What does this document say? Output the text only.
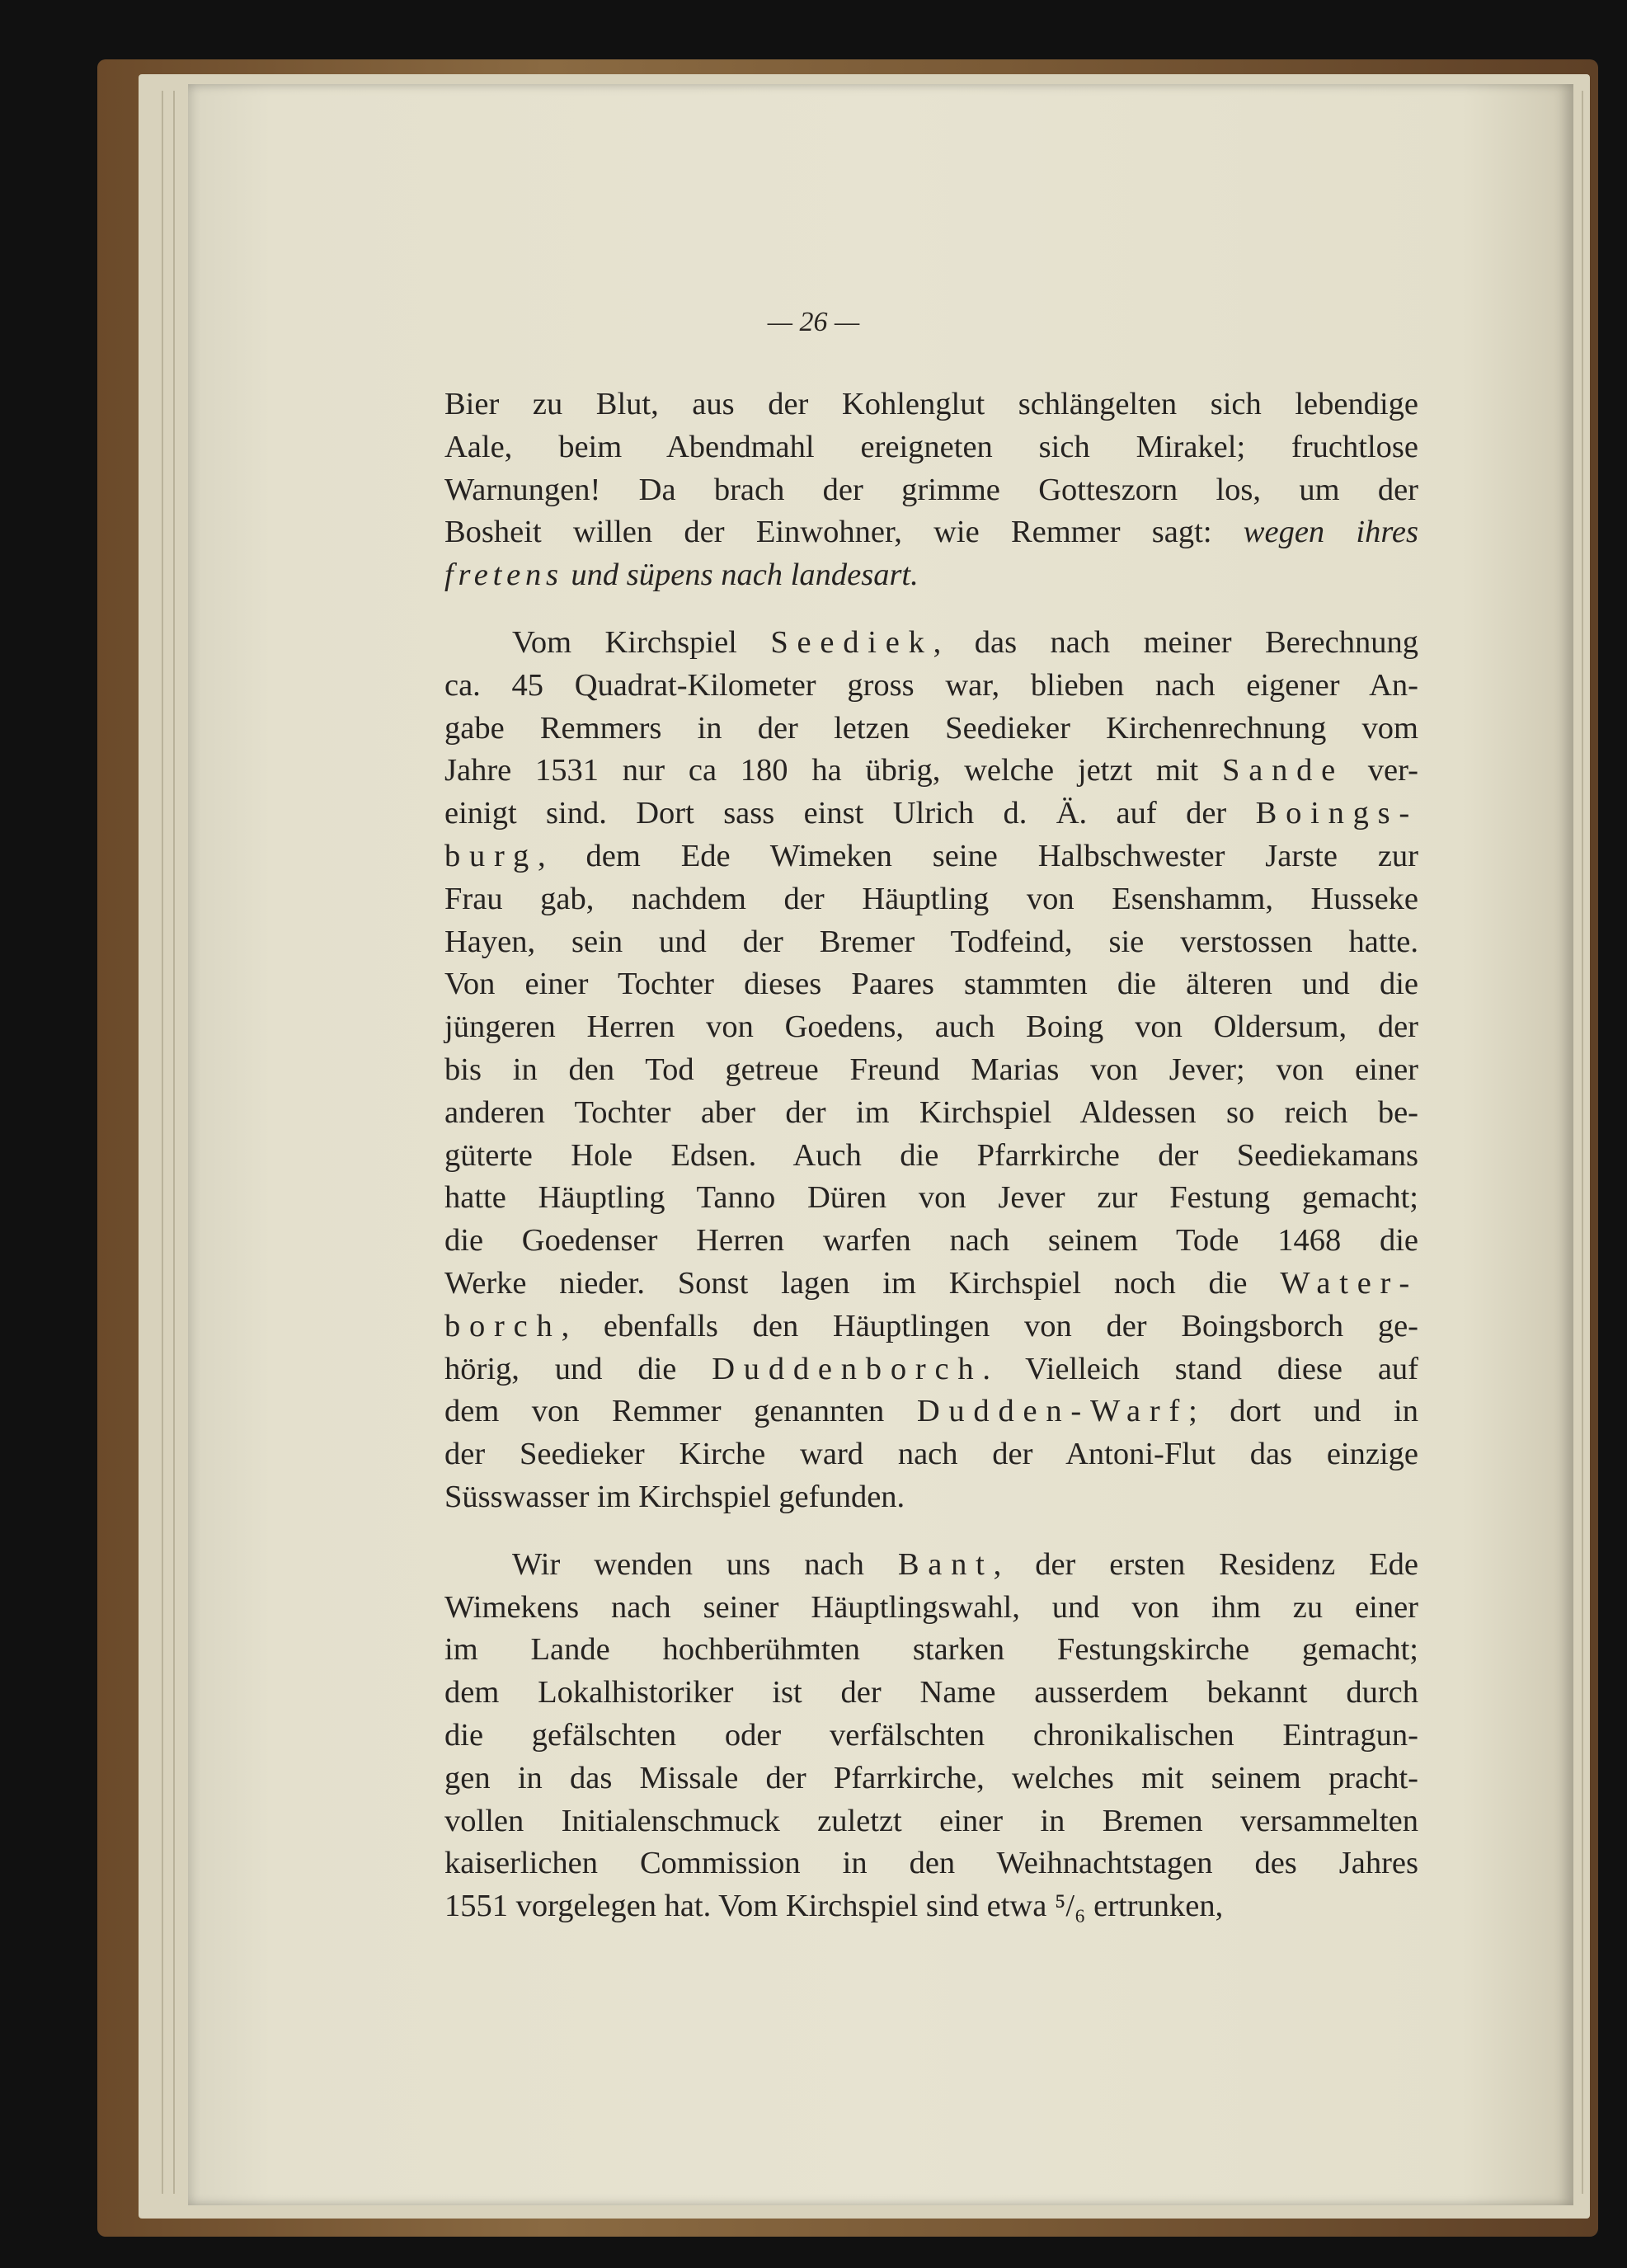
— 26 —
Bier zu Blut, aus der Kohlenglut schlängelten sich lebendige
Aale, beim Abendmahl ereigneten sich Mirakel; fruchtlose
Warnungen! Da brach der grimme Gotteszorn los, um der
Bosheit willen der Einwohner, wie Remmer sagt: wegen ihres
fretens und süpens nach landesart.
Vom Kirchspiel Seediek, das nach meiner Berechnung
ca. 45 Quadrat-Kilometer gross war, blieben nach eigener An-
gabe Remmers in der letzen Seedieker Kirchenrechnung vom
Jahre 1531 nur ca 180 ha übrig, welche jetzt mit Sande ver-
einigt sind. Dort sass einst Ulrich d. Ä. auf der Boings-
burg, dem Ede Wimeken seine Halbschwester Jarste zur
Frau gab, nachdem der Häuptling von Esenshamm, Husseke
Hayen, sein und der Bremer Todfeind, sie verstossen hatte.
Von einer Tochter dieses Paares stammten die älteren und die
jüngeren Herren von Goedens, auch Boing von Oldersum, der
bis in den Tod getreue Freund Marias von Jever; von einer
anderen Tochter aber der im Kirchspiel Aldessen so reich be-
güterte Hole Edsen. Auch die Pfarrkirche der Seediekamans
hatte Häuptling Tanno Düren von Jever zur Festung gemacht;
die Goedenser Herren warfen nach seinem Tode 1468 die
Werke nieder. Sonst lagen im Kirchspiel noch die Water-
borch, ebenfalls den Häuptlingen von der Boingsborch ge-
hörig, und die Duddenborch. Vielleich stand diese auf
dem von Remmer genannten Dudden-Warf; dort und in
der Seedieker Kirche ward nach der Antoni-Flut das einzige
Süsswasser im Kirchspiel gefunden.
Wir wenden uns nach Bant, der ersten Residenz Ede
Wimekens nach seiner Häuptlingswahl, und von ihm zu einer
im Lande hochberühmten starken Festungskirche gemacht;
dem Lokalhistoriker ist der Name ausserdem bekannt durch
die gefälschten oder verfälschten chronikalischen Eintragun-
gen in das Missale der Pfarrkirche, welches mit seinem pracht-
vollen Initialenschmuck zuletzt einer in Bremen versammelten
kaiserlichen Commission in den Weihnachtstagen des Jahres
1551 vorgelegen hat. Vom Kirchspiel sind etwa ⁵/₆ ertrunken,
